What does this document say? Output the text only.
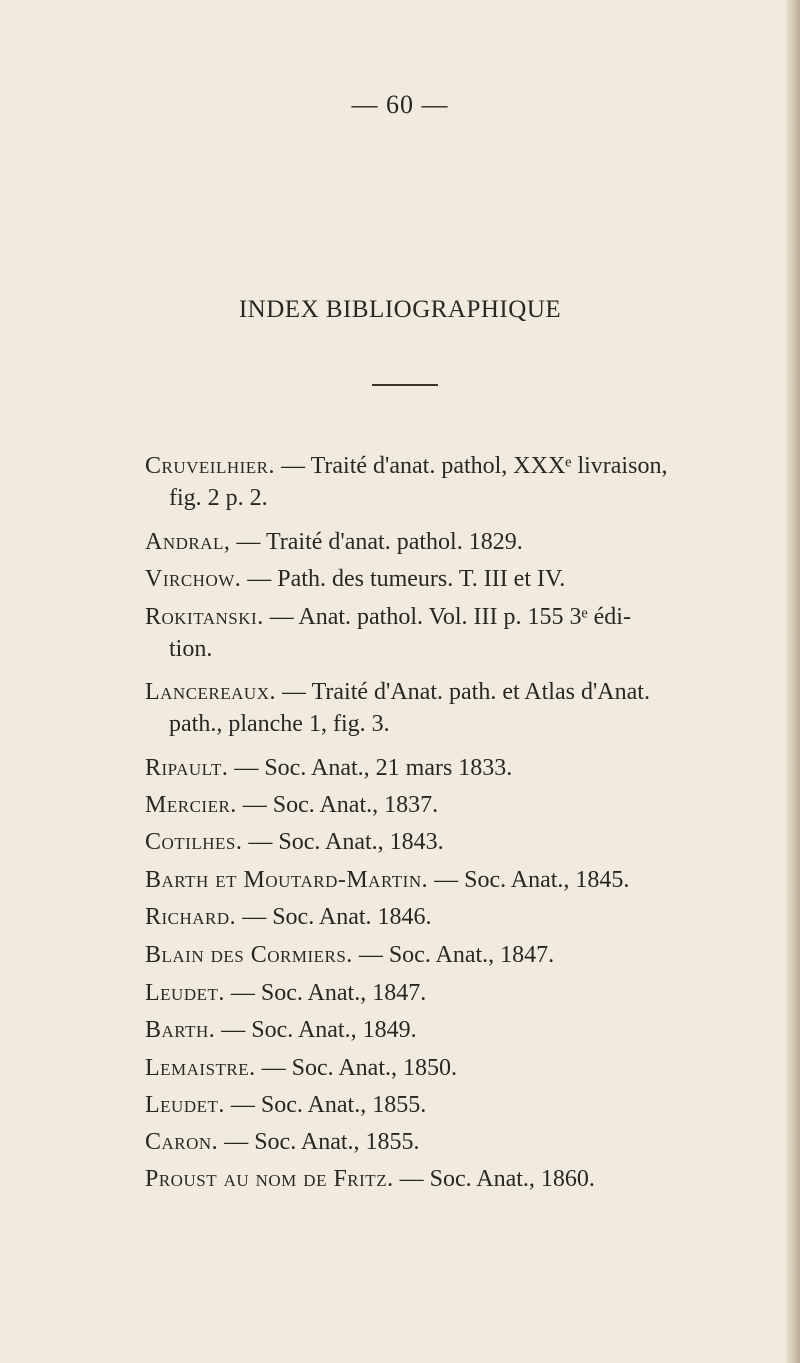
— 60 —
INDEX BIBLIOGRAPHIQUE
Cruveilhier. — Traité d'anat. pathol, XXXᵉ livraison,
fig. 2 p. 2.
Andral, — Traité d'anat. pathol. 1829.
Virchow. — Path. des tumeurs. T. III et IV.
Rokitanski. — Anat. pathol. Vol. III p. 155 3ᵉ édi-
tion.
Lancereaux. — Traité d'Anat. path. et Atlas d'Anat.
path., planche 1, fig. 3.
Ripault. — Soc. Anat., 21 mars 1833.
Mercier. — Soc. Anat., 1837.
Cotilhes. — Soc. Anat., 1843.
Barth et Moutard-Martin. — Soc. Anat., 1845.
Richard. — Soc. Anat. 1846.
Blain des Cormiers. — Soc. Anat., 1847.
Leudet. — Soc. Anat., 1847.
Barth. — Soc. Anat., 1849.
Lemaistre. — Soc. Anat., 1850.
Leudet. — Soc. Anat., 1855.
Caron. — Soc. Anat., 1855.
Proust au nom de Fritz. — Soc. Anat., 1860.
